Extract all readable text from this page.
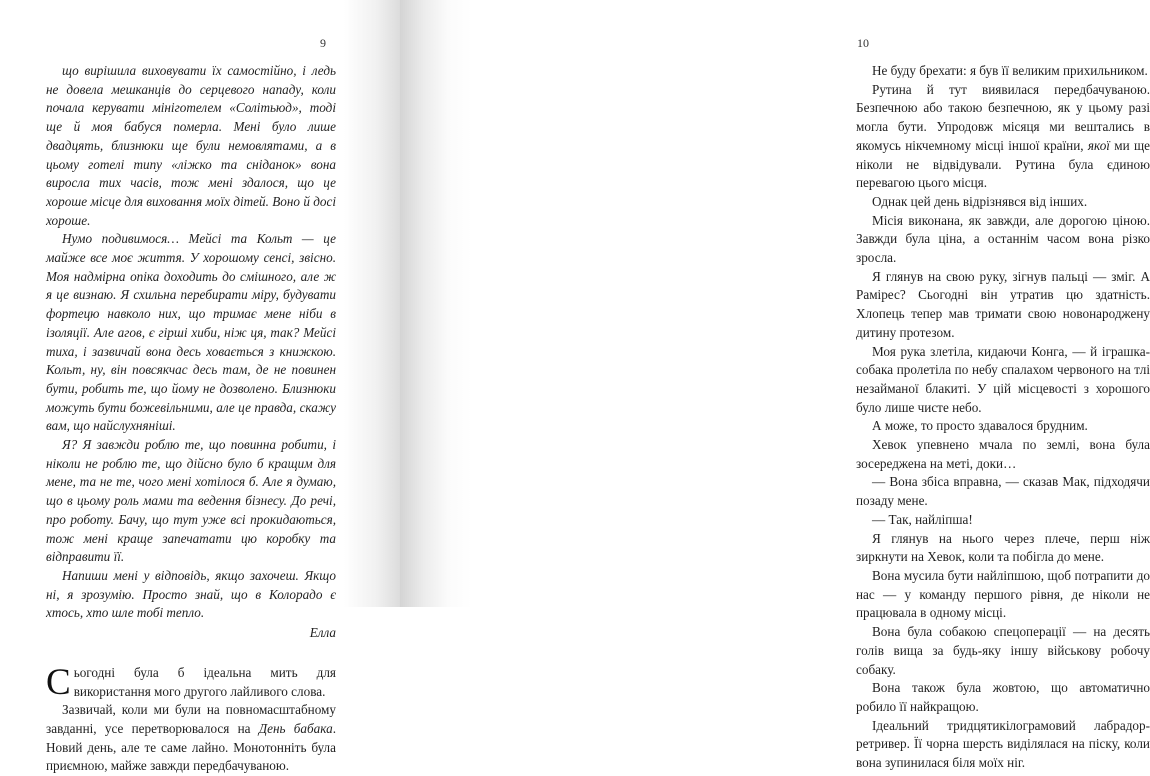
9

що вирішила виховувати їх самостійно, і ледь не довела мешканців до серцевого нападу, коли почала керувати мініготелем «Солітьюд», тоді ще й моя бабуся померла. Мені було лише двадцять, близнюки ще були немовлятами, а в цьому готелі типу «ліжко та сніданок» вона виросла тих часів, тож мені здалося, що це хороше місце для виховання моїх дітей. Воно й досі хороше.

Нумо подивимося… Мейсі та Кольт — це майже все моє життя. У хорошому сенсі, звісно. Моя надмірна опіка доходить до смішного, але ж я це визнаю. Я схильна перебирати міру, будувати фортецю навколо них, що тримає мене ніби в ізоляції. Але агов, є гірші хиби, ніж ця, так? Мейсі тиха, і зазвичай вона десь ховається з книжкою. Кольт, ну, він повсякчас десь там, де не повинен бути, робить те, що йому не дозволено. Близнюки можуть бути божевільними, але це правда, скажу вам, що найслухняніші.

Я? Я завжди роблю те, що повинна робити, і ніколи не роблю те, що дійсно було б кращим для мене, та не те, чого мені хотілося б. Але я думаю, що в цьому роль мами та ведення бізнесу. До речі, про роботу. Бачу, що тут уже всі прокидаються, тож мені краще запечатати цю коробку та відправити її.

Напиши мені у відповідь, якщо захочеш. Якщо ні, я зрозумію. Просто знай, що в Колорадо є хтось, хто шле тобі тепло.

Елла

Сьогодні була б ідеальна мить для використання мого другого лайливого слова.

Зазвичай, коли ми були на повномасштабному завданні, усе перетворювалося на День бабака. Новий день, але те саме лайно. Монотонніть була приємною, майже завжди передбачуваною.

10

Не буду брехати: я був її великим прихильником.

Рутина й тут виявилася передбачуваною. Безпечною або такою безпечною, як у цьому разі могла бути. Упродовж місяця ми вештались в якомусь нікчемному місці іншої країни, якої ми ще ніколи не відвідували. Рутина була єдиною перевагою цього місця.

Однак цей день відрізнявся від інших.

Місія виконана, як завжди, але дорогою ціною. Завжди була ціна, а останнім часом вона різко зросла.

Я глянув на свою руку, зігнув пальці — зміг. А Рамірес? Сьогодні він утратив цю здатність. Хлопець тепер мав тримати свою новонароджену дитину протезом.

Моя рука злетіла, кидаючи Конга, — й іграшка-собака пролетіла по небу спалахом червоного на тлі незайманої блакиті. У цій місцевості з хорошого було лише чисте небо.

А може, то просто здавалося брудним.

Хевок упевнено мчала по землі, вона була зосереджена на меті, доки…

— Вона збіса вправна, — сказав Мак, підходячи позаду мене.

— Так, найліпша!

Я глянув на нього через плече, перш ніж зиркнути на Хевок, коли та побігла до мене.

Вона мусила бути найліпшою, щоб потрапити до нас — у команду першого рівня, де ніколи не працювала в одному місці.

Вона була собакою спецоперації — на десять голів вища за будь-яку іншу військову робочу собаку.

Вона також була жовтою, що автоматично робило її найкращою.

Ідеальний тридцятикілограмовий лабрадор-ретривер. Її чорна шерсть виділялася на піску, коли вона зупинилася біля моїх ніг.
